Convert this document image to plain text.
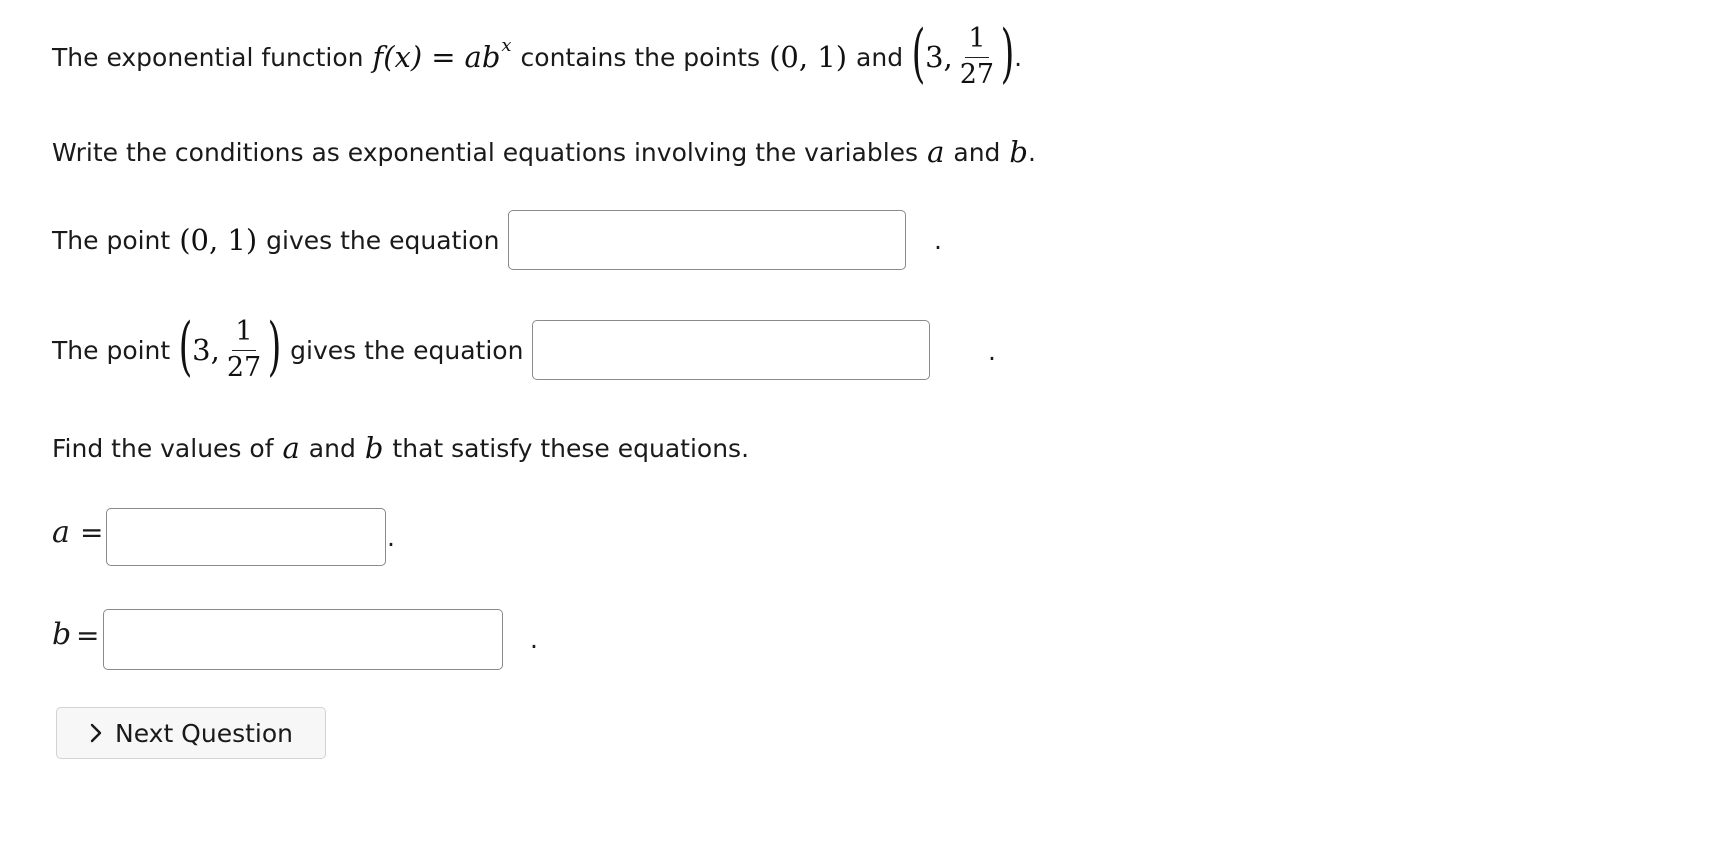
The exponential function f(x) = ab x contains the points (0, 1) and ( 3, $\frac{1}{27}$ ) .
Write the conditions as exponential equations involving the variables a and b .
The point (0, 1) gives the equation	.
The point ( 3, $\frac{1}{27}$ ) gives the equation	.
Find the values of a and b that satisfy these equations.
a =	.
b =	.
Next Question
